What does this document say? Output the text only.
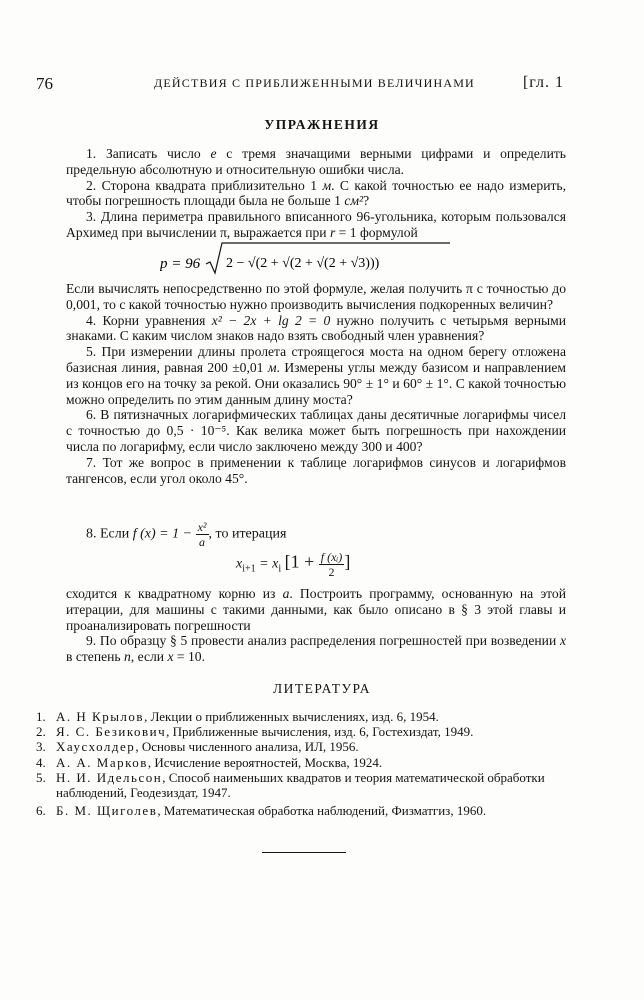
76	ДЕЙСТВИЯ С ПРИБЛИЖЕННЫМИ ВЕЛИЧИНАМИ	[гл. 1
УПРАЖНЕНИЯ

1. Записать число e с тремя значащими верными цифрами и определить предельную абсолютную и относительную ошибки числа.

2. Сторона квадрата приблизительно 1 м. С какой точностью ее надо измерить, чтобы погрешность площади была не больше 1 см²?

3. Длина периметра правильного вписанного 96-угольника, которым пользовался Архимед при вычислении π, выражается при r = 1 формулой

p = 96 2 − √(2 + √(2 + √(2 + √3)))

Если вычислять непосредственно по этой формуле, желая получить π с точностью до 0,001, то с какой точностью нужно производить вычисления подкоренных величин?

4. Корни уравнения x² − 2x + lg 2 = 0 нужно получить с четырьмя верными знаками. С каким числом знаков надо взять свободный член уравнения?

5. При измерении длины пролета строящегося моста на одном берегу отложена базисная линия, равная 200 ±0,01 м. Измерены углы между базисом и направлением из концов его на точку за рекой. Они оказались 90° ± 1° и 60° ± 1°. С какой точностью можно определить по этим данным длину моста?

6. В пятизначных логарифмических таблицах даны десятичные логарифмы чисел с точностью до 0,5 · 10⁻⁵. Как велика может быть погрешность при нахождении числа по логарифму, если число заключено между 300 и 400?

7. Тот же вопрос в применении к таблице логарифмов синусов и логарифмов тангенсов, если угол около 45°.

8. Если f $(x) = 1 - \frac{\text{x²}}{a}$ , то итерация
$x_{i+1} = x_i$ [$1 + \frac{\text{f (xᵢ)}}{2}$ ]

сходится к квадратному корню из a. Построить программу, основанную на этой итерации, для машины с такими данными, как было описано в § 3 этой главы и проанализировать погрешности

9. По образцу § 5 провести анализ распределения погрешностей при возведении x в степень n, если x = 10.

ЛИТЕРАТУРА
1. А. Н Крылов, Лекции о приближенных вычислениях, изд. 6, 1954.
2. Я. С. Безикович, Приближенные вычисления, изд. 6, Гостехиздат, 1949.
3. Хаусхолдер, Основы численного анализа, ИЛ, 1956.
4. А. А. Марков, Исчисление вероятностей, Москва, 1924.
5. Н. И. Идельсон, Способ наименьших квадратов и теория математической обработки наблюдений, Геодезиздат, 1947.
6. Б. М. Щиголев, Математическая обработка наблюдений, Физматгиз, 1960.
